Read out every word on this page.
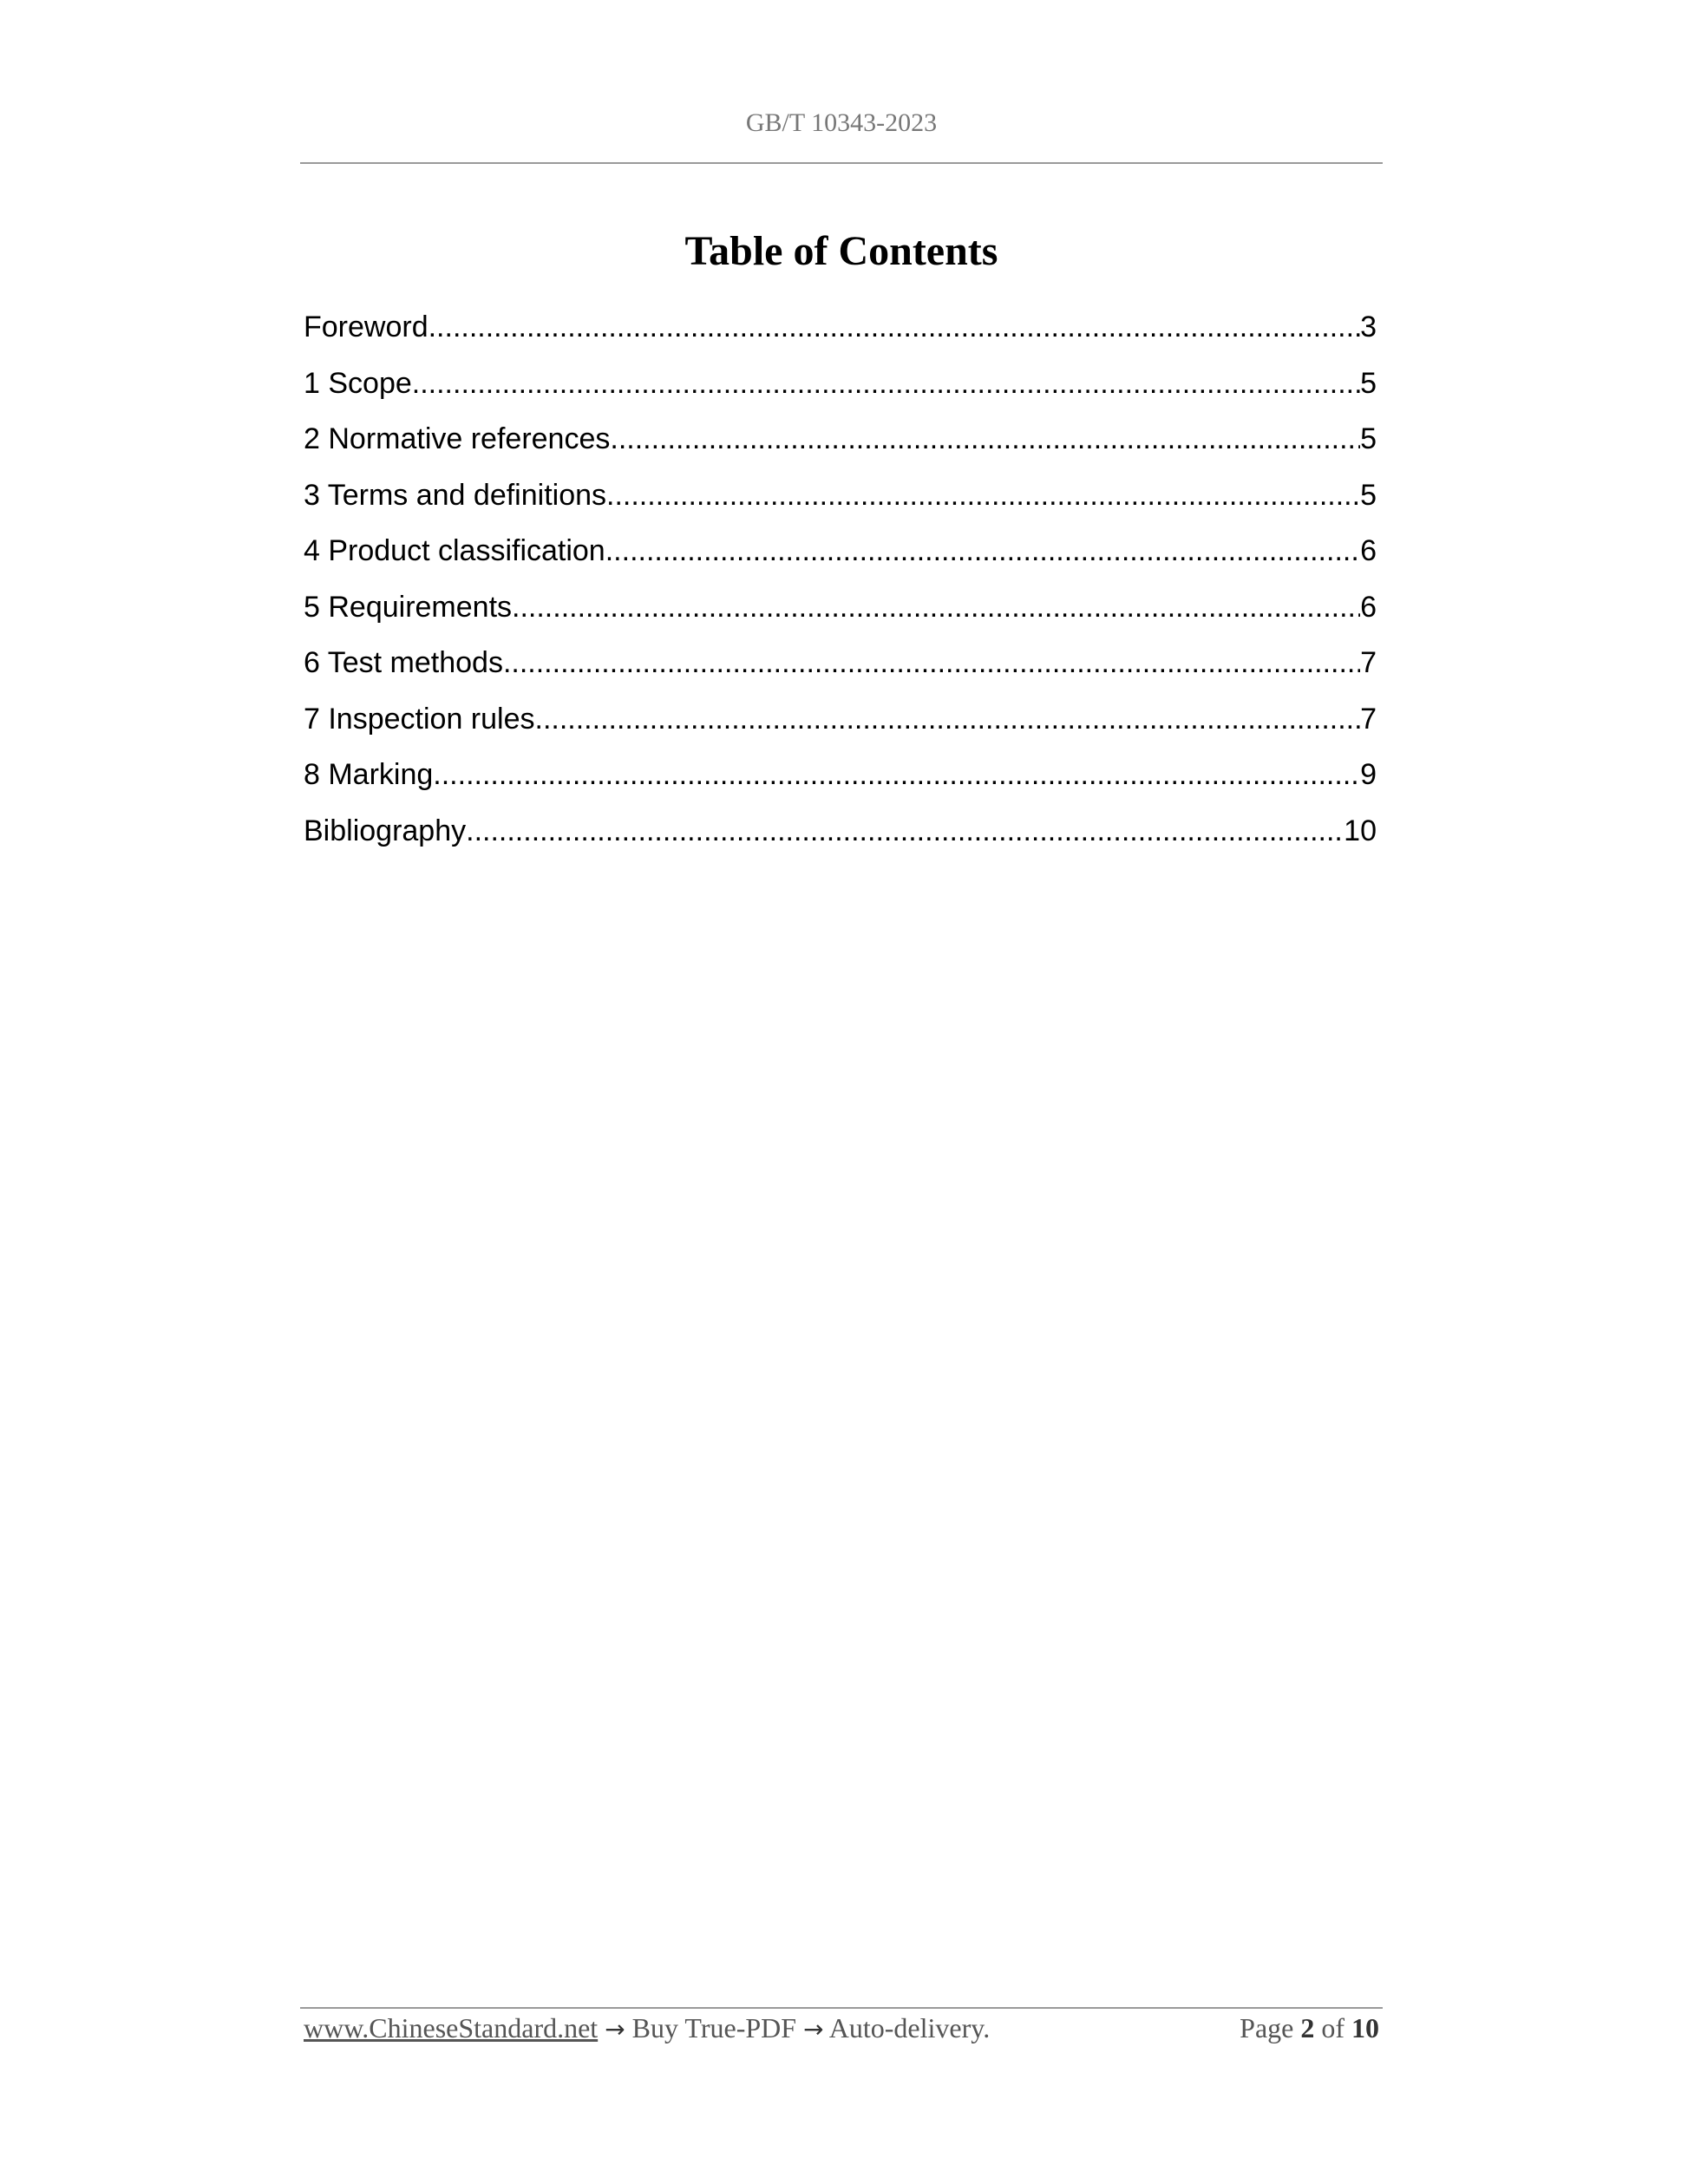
GB/T 10343-2023
Table of Contents
Foreword .....	3
1 Scope .....	5
2 Normative references .....	5
3 Terms and definitions .....	5
4 Product classification .....	6
5 Requirements .....	6
6 Test methods .....	7
7 Inspection rules .....	7
8 Marking .....	9
Bibliography .....	10
www.ChineseStandard.net → Buy True-PDF → Auto-delivery.	Page 2 of 10
